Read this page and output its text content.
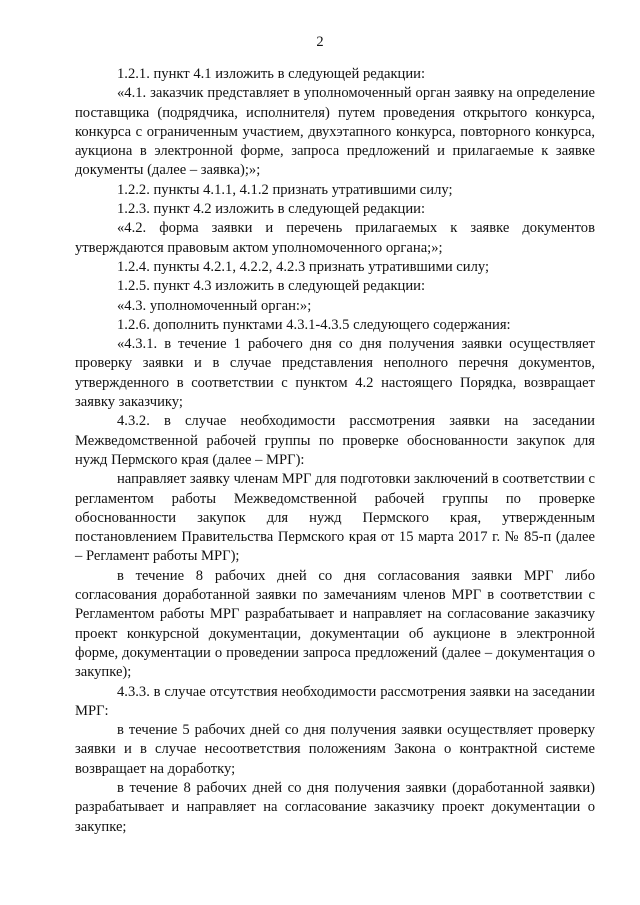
2

1.2.1. пункт 4.1 изложить в следующей редакции:

«4.1. заказчик представляет в уполномоченный орган заявку на определение поставщика (подрядчика, исполнителя) путем проведения открытого конкурса, конкурса с ограниченным участием, двухэтапного конкурса, повторного конкурса, аукциона в электронной форме, запроса предложений и прилагаемые к заявке документы (далее – заявка);»;

1.2.2. пункты 4.1.1, 4.1.2 признать утратившими силу;

1.2.3. пункт 4.2 изложить в следующей редакции:

«4.2. форма заявки и перечень прилагаемых к заявке документов утверждаются правовым актом уполномоченного органа;»;

1.2.4. пункты 4.2.1, 4.2.2, 4.2.3 признать утратившими силу;

1.2.5. пункт 4.3 изложить в следующей редакции:

«4.3. уполномоченный орган:»;

1.2.6. дополнить пунктами 4.3.1-4.3.5 следующего содержания:

«4.3.1. в течение 1 рабочего дня со дня получения заявки осуществляет проверку заявки и в случае представления неполного перечня документов, утвержденного в соответствии с пунктом 4.2 настоящего Порядка, возвращает заявку заказчику;

4.3.2. в случае необходимости рассмотрения заявки на заседании Межведомственной рабочей группы по проверке обоснованности закупок для нужд Пермского края (далее – МРГ):

направляет заявку членам МРГ для подготовки заключений в соответствии с регламентом работы Межведомственной рабочей группы по проверке обоснованности закупок для нужд Пермского края, утвержденным постановлением Правительства Пермского края от 15 марта 2017 г. № 85-п (далее – Регламент работы МРГ);

в течение 8 рабочих дней со дня согласования заявки МРГ либо согласования доработанной заявки по замечаниям членов МРГ в соответствии с Регламентом работы МРГ разрабатывает и направляет на согласование заказчику проект конкурсной документации, документации об аукционе в электронной форме, документации о проведении запроса предложений (далее – документация о закупке);

4.3.3. в случае отсутствия необходимости рассмотрения заявки на заседании МРГ:

в течение 5 рабочих дней со дня получения заявки осуществляет проверку заявки и в случае несоответствия положениям Закона о контрактной системе возвращает на доработку;

в течение 8 рабочих дней со дня получения заявки (доработанной заявки) разрабатывает и направляет на согласование заказчику проект документации о закупке;
